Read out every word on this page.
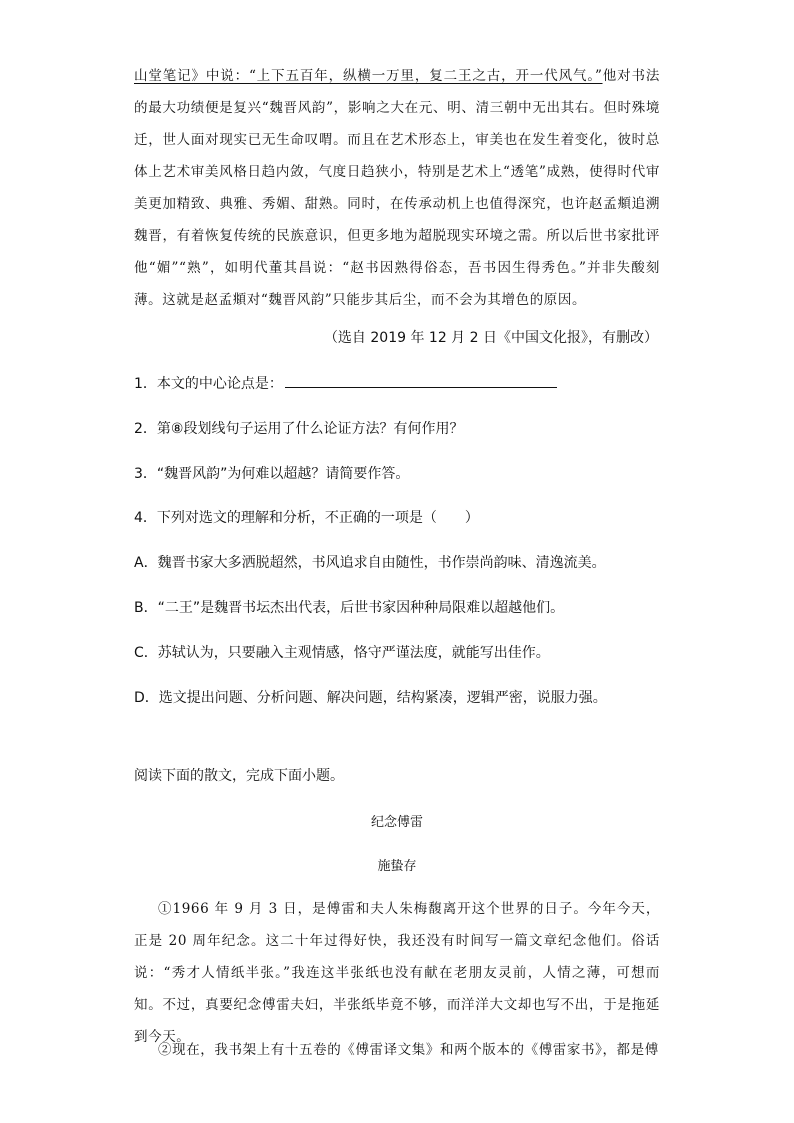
山堂笔记》中说：“上下五百年，纵横一万里，复二王之古，开一代风气。”他对书法的最大功绩便是复兴“魏晋风韵”，影响之大在元、明、清三朝中无出其右。但时殊境迁，世人面对现实已无生命叹喟。而且在艺术形态上，审美也在发生着变化，彼时总体上艺术审美风格日趋内敛，气度日趋狭小，特别是艺术上“透笔”成熟，使得时代审美更加精致、典雅、秀媚、甜熟。同时，在传承动机上也值得深究，也许赵孟頫追溯魏晋，有着恢复传统的民族意识，但更多地为超脱现实环境之需。所以后世书家批评他“媚”“熟”，如明代董其昌说：“赵书因熟得俗态，吾书因生得秀色。”并非失酸刻薄。这就是赵孟頫对“魏晋风韵”只能步其后尘，而不会为其增色的原因。

（选自 2019 年 12 月 2 日《中国文化报》，有删改）
1．本文的中心论点是：
2．第⑧段划线句子运用了什么论证方法？有何作用？
3．“魏晋风韵”为何难以超越？请简要作答。
4．下列对选文的理解和分析，不正确的一项是（　　）
A．魏晋书家大多洒脱超然，书风追求自由随性，书作崇尚韵味、清逸流美。
B．“二王”是魏晋书坛杰出代表，后世书家因种种局限难以超越他们。
C．苏轼认为，只要融入主观情感，恪守严谨法度，就能写出佳作。
D．选文提出问题、分析问题、解决问题，结构紧凑，逻辑严密，说服力强。
阅读下面的散文，完成下面小题。
纪念傅雷
施蛰存

①1966 年 9 月 3 日，是傅雷和夫人朱梅馥离开这个世界的日子。今年今天，正是 20 周年纪念。这二十年过得好快，我还没有时间写一篇文章纪念他们。俗话说：“秀才人情纸半张。”我连这半张纸也没有献在老朋友灵前，人情之薄，可想而知。不过，真要纪念傅雷夫妇，半张纸毕竟不够，而洋洋大文却也写不出，于是拖延到今天。

②现在，我书架上有十五卷的《傅雷译文集》和两个版本的《傅雷家书》，都是傅
